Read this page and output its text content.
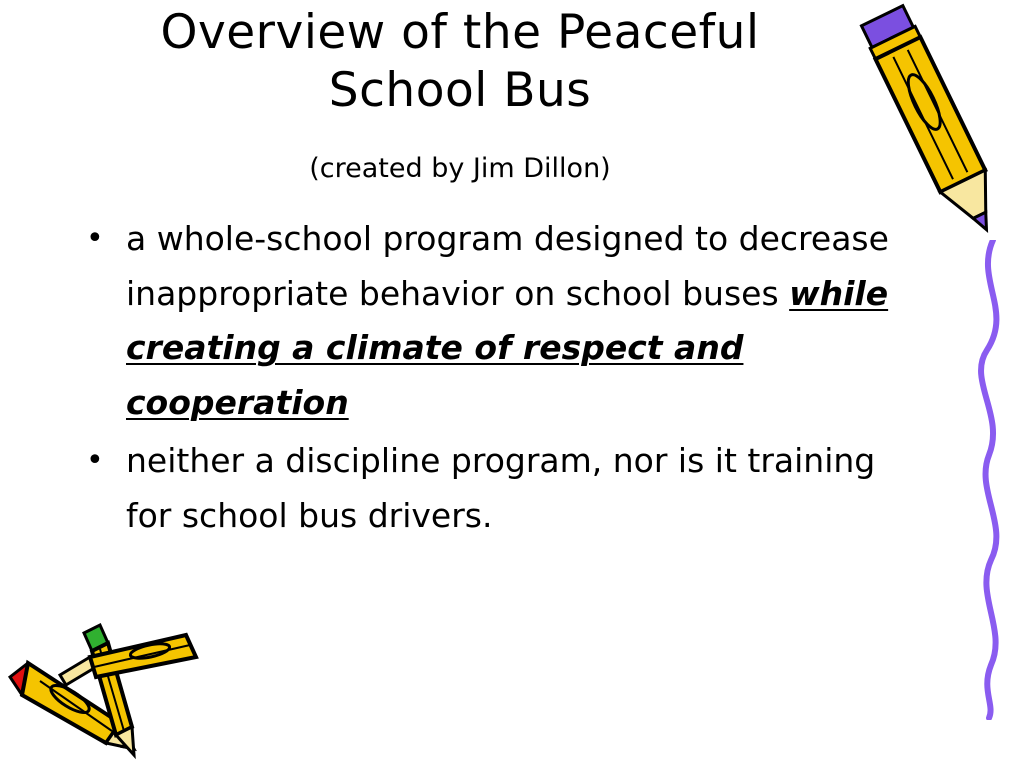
Overview of the Peaceful
School Bus

(created by Jim Dillon)

• a whole-school program designed to decrease inappropriate behavior on school buses while creating a climate of respect and cooperation
• neither a discipline program, nor is it training for school bus drivers.
